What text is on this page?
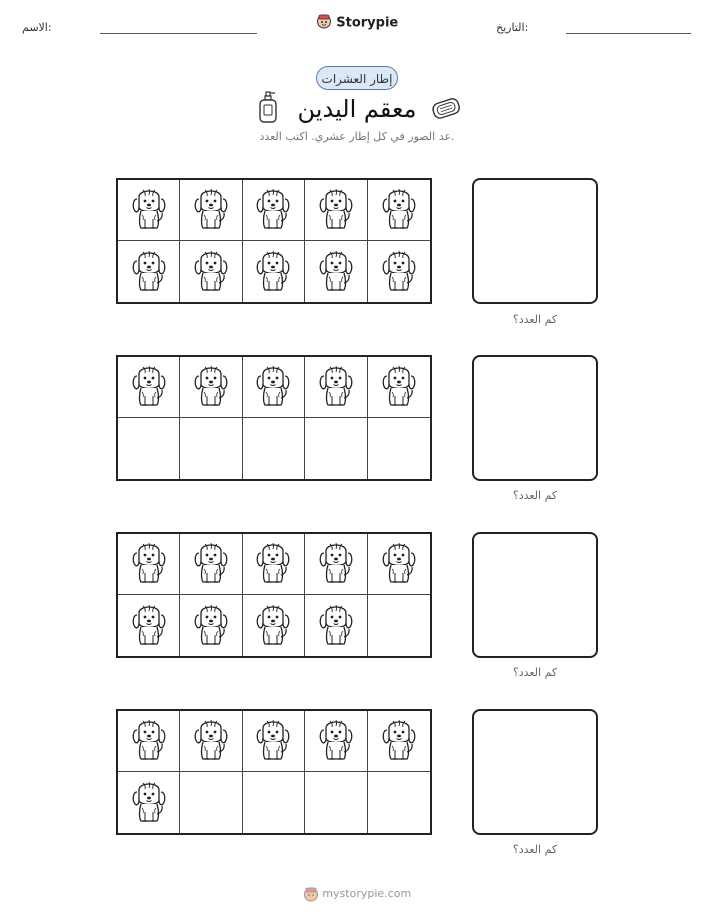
الاسم:	التاريخ:
Storypie
إطار العشرات
معقم اليدين
عد الصور في كل إطار عشري. اكتب العدد.
كم العدد؟
كم العدد؟
كم العدد؟
كم العدد؟
mystorypie.com
